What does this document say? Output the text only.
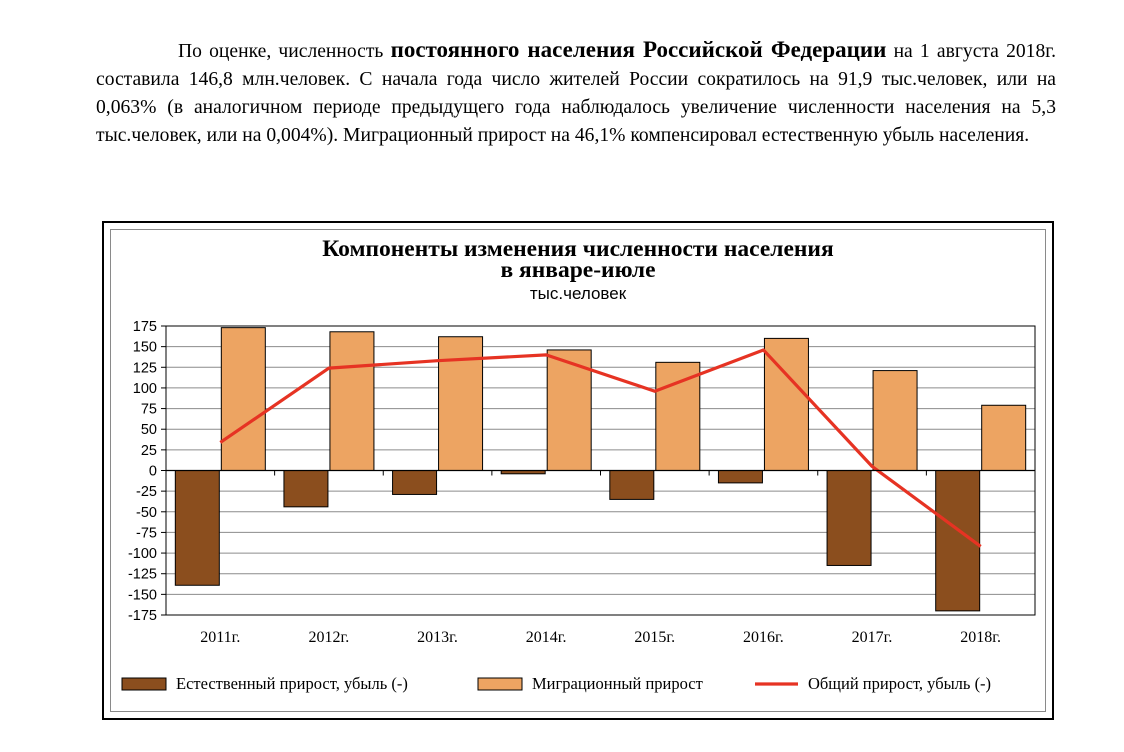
По оценке, численность постоянного населения Российской Федерации на 1 августа 2018г. составила 146,8 млн.человек. С начала года число жителей России сократилось на 91,9 тыс.человек, или на 0,063% (в аналогичном периоде предыдущего года наблюдалось увеличение численности населения на 5,3 тыс.человек, или на 0,004%). Миграционный прирост на 46,1% компенсировал естественную убыль населения.

175
150
125
100
75
50
25
0
-25
-50
-75
-100
-125
-150
-175
2011г.	2012г.	2013г.	2014г.	2015г.	2016г.	2017г.	2018г.
Компоненты изменения численности населения
в январе-июле
тыс.человек
Естественный прирост, убыль (-)	Миграционный прирост	Общий прирост, убыль (-)
